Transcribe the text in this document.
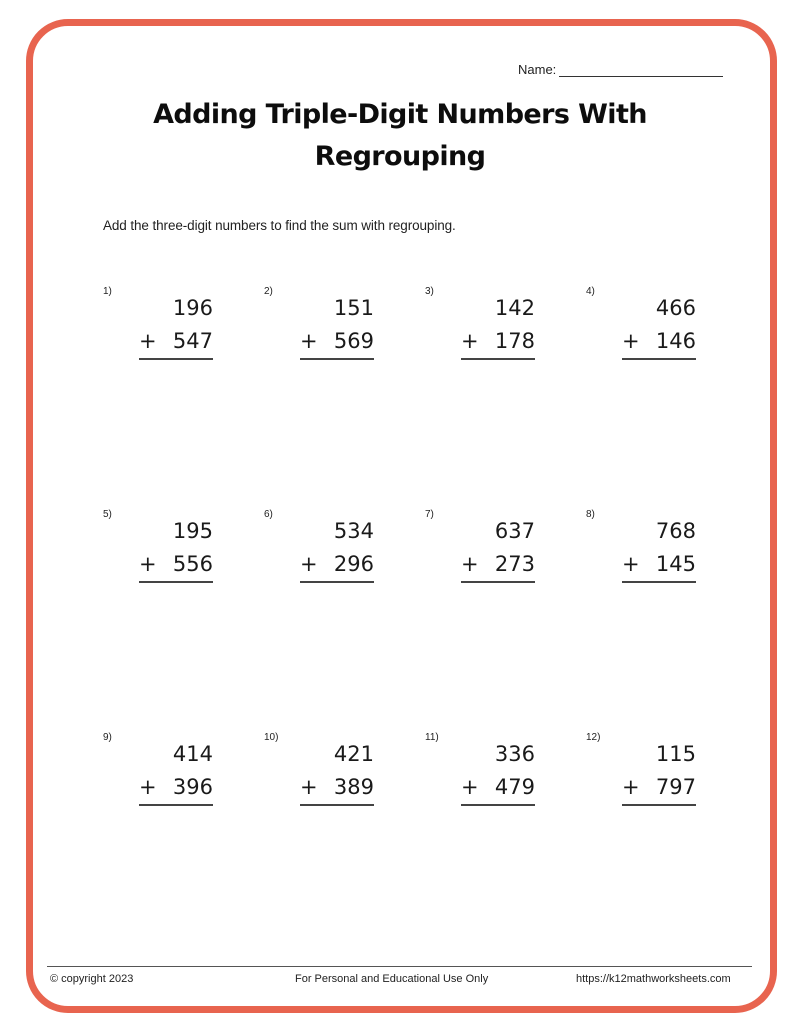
Name:
Adding Triple-Digit Numbers With
Regrouping
Add the three-digit numbers to find the sum with regrouping.
1)
196
+ 547
2)
151
+ 569
3)
142
+ 178
4)
466
+ 146
5)
195
+ 556
6)
534
+ 296
7)
637
+ 273
8)
768
+ 145
9)
414
+ 396
10)
421
+ 389
11)
336
+ 479
12)
115
+ 797
© copyright 2023	For Personal and Educational Use Only	https://k12mathworksheets.com
